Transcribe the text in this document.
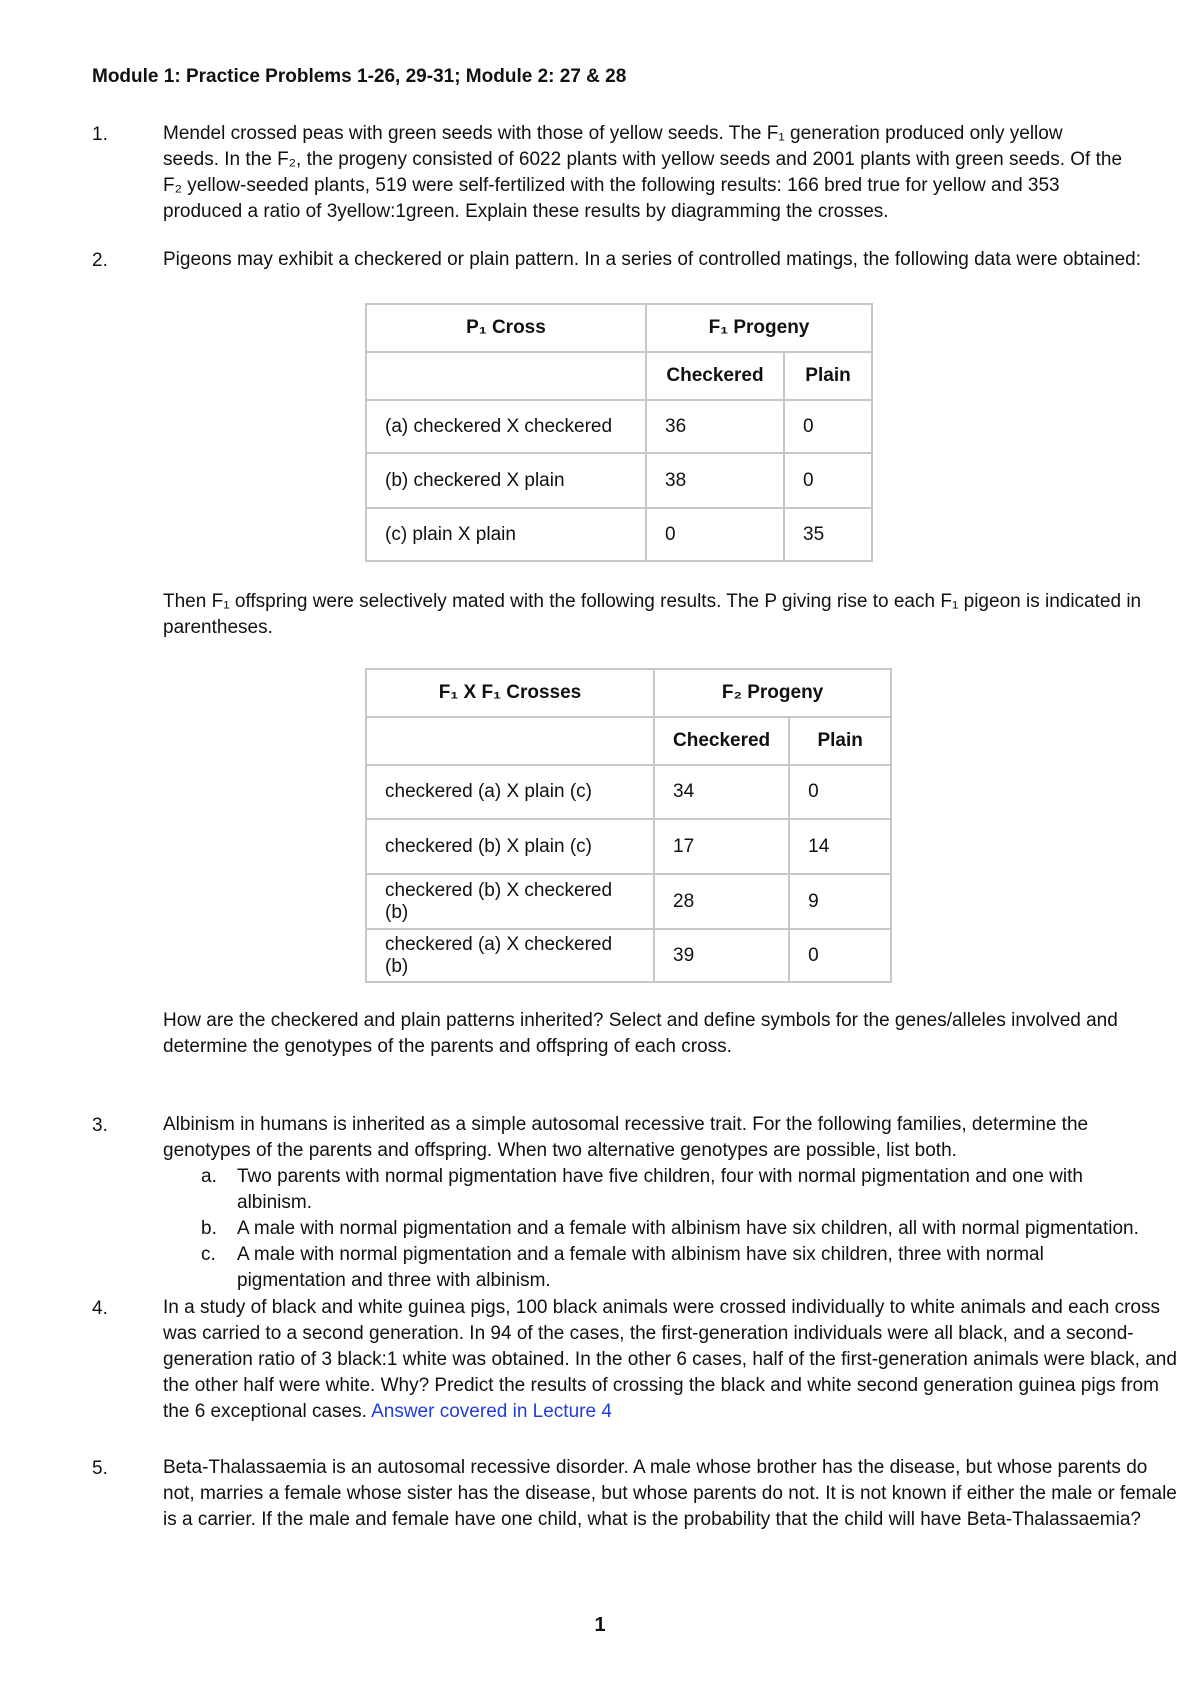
Module 1: Practice Problems 1-26, 29-31; Module 2: 27 & 28
1.	Mendel crossed peas with green seeds with those of yellow seeds. The F₁ generation produced only yellow seeds. In the F₂, the progeny consisted of 6022 plants with yellow seeds and 2001 plants with green seeds. Of the F₂ yellow-seeded plants, 519 were self-fertilized with the following results: 166 bred true for yellow and 353 produced a ratio of 3yellow:1green. Explain these results by diagramming the crosses.
2.	Pigeons may exhibit a checkered or plain pattern. In a series of controlled matings, the following data were obtained:
P₁ Cross	F₁ Progeny	
	Checkered	Plain
(a) checkered X checkered	36	0
(b) checkered X plain	38	0
(c) plain X plain	0	35
Then F₁ offspring were selectively mated with the following results. The P giving rise to each F₁ pigeon is indicated in parentheses.
F₁ X F₁ Crosses	F₂ Progeny	
	Checkered	Plain
checkered (a) X plain (c)	34	0
checkered (b) X plain (c)	17	14
checkered (b) X checkered (b)	28	9
checkered (a) X checkered (b)	39	0
How are the checkered and plain patterns inherited? Select and define symbols for the genes/alleles involved and determine the genotypes of the parents and offspring of each cross.
3.	Albinism in humans is inherited as a simple autosomal recessive trait. For the following families, determine the genotypes of the parents and offspring. When two alternative genotypes are possible, list both.
a. Two parents with normal pigmentation have five children, four with normal pigmentation and one with albinism.
b. A male with normal pigmentation and a female with albinism have six children, all with normal pigmentation.
c. A male with normal pigmentation and a female with albinism have six children, three with normal pigmentation and three with albinism.
4.	In a study of black and white guinea pigs, 100 black animals were crossed individually to white animals and each cross was carried to a second generation. In 94 of the cases, the first-generation individuals were all black, and a second-generation ratio of 3 black:1 white was obtained. In the other 6 cases, half of the first-generation animals were black, and the other half were white. Why? Predict the results of crossing the black and white second generation guinea pigs from the 6 exceptional cases. Answer covered in Lecture 4
5.	Beta-Thalassaemia is an autosomal recessive disorder. A male whose brother has the disease, but whose parents do not, marries a female whose sister has the disease, but whose parents do not. It is not known if either the male or female is a carrier. If the male and female have one child, what is the probability that the child will have Beta-Thalassaemia?
1
